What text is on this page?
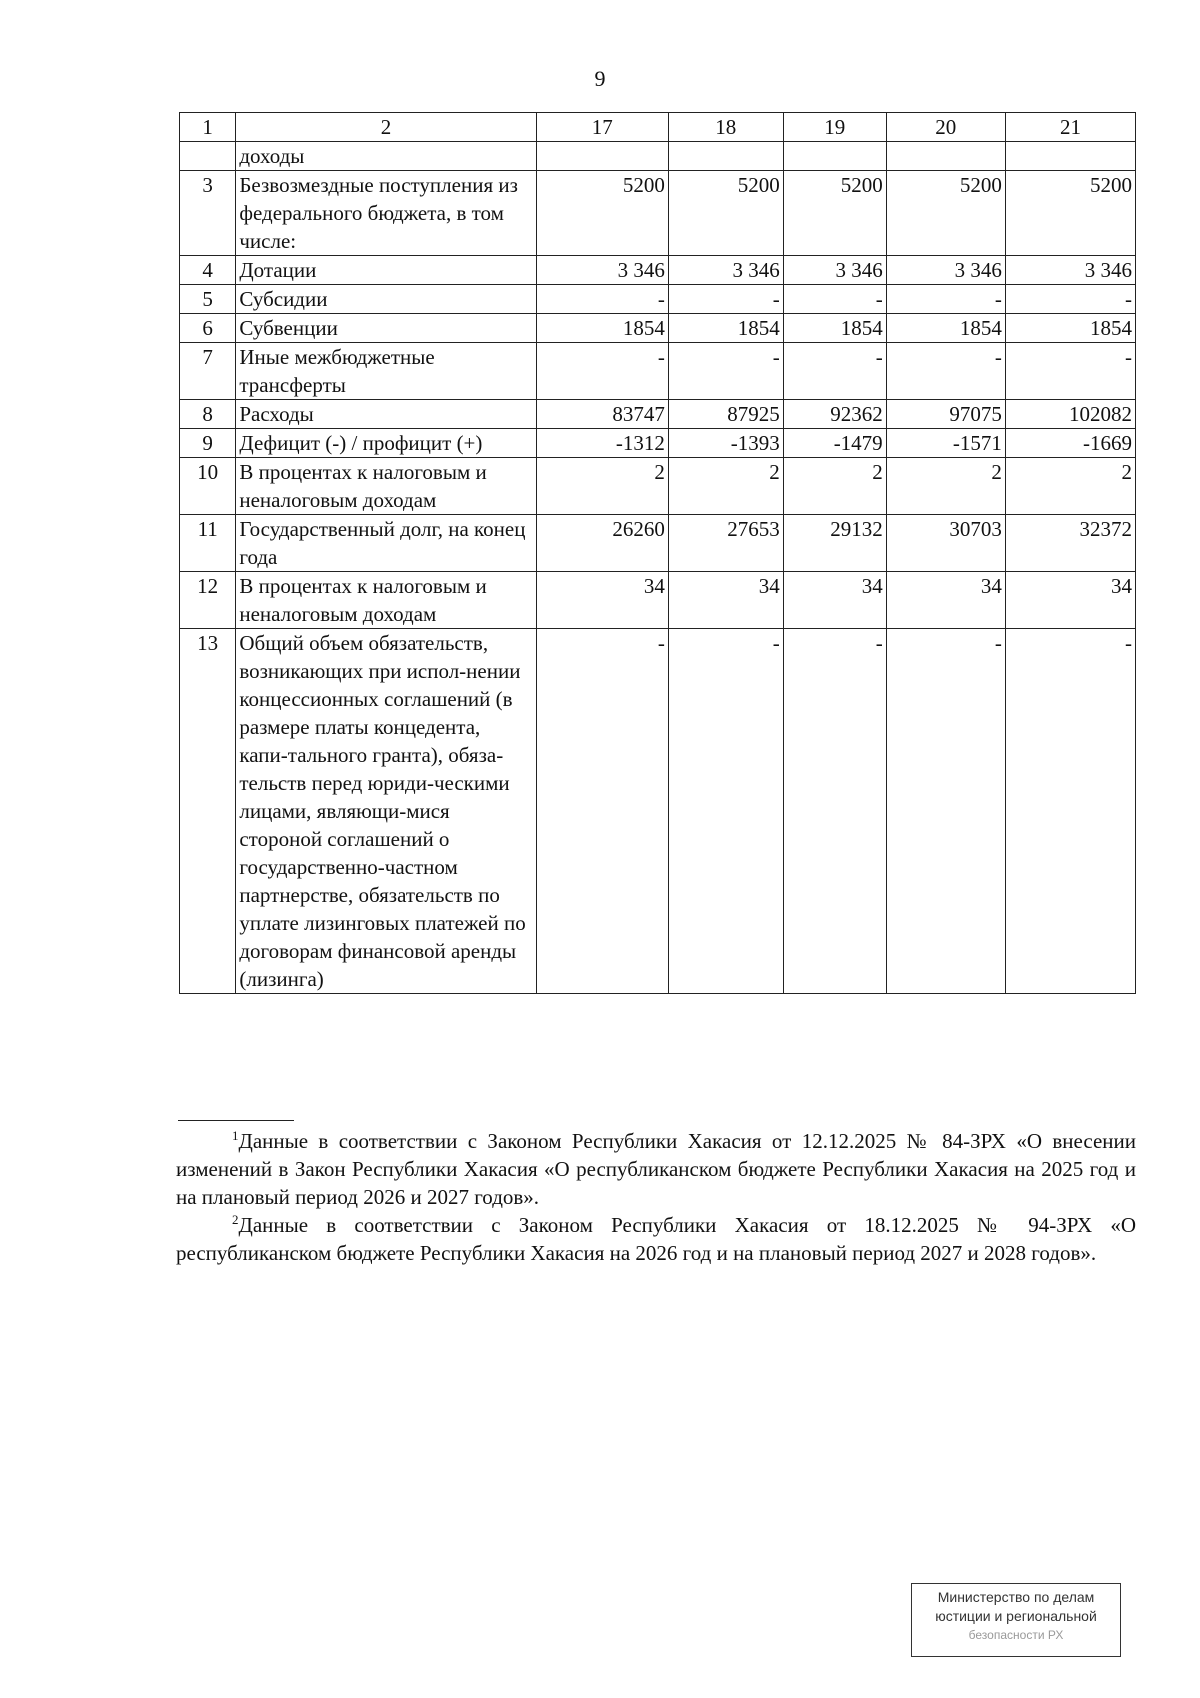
9
1	2	17	18	19	20	21
	доходы					
3	Безвозмездные поступления из федерального бюджета, в том числе:	5200	5200	5200	5200	5200
4	Дотации	3 346	3 346	3 346	3 346	3 346
5	Субсидии	-	-	-	-	-
6	Субвенции	1854	1854	1854	1854	1854
7	Иные межбюджетные трансферты	-	-	-	-	-
8	Расходы	83747	87925	92362	97075	102082
9	Дефицит (-) / профицит (+)	-1312	-1393	-1479	-1571	-1669
10	В процентах к налоговым и неналоговым доходам	2	2	2	2	2
11	Государственный долг, на конец года	26260	27653	29132	30703	32372
12	В процентах к налоговым и неналоговым доходам	34	34	34	34	34
13	Общий объем обязательств, возникающих при испол-нении концессионных соглашений (в размере платы концедента, капи-тального гранта), обяза-тельств перед юриди-ческими лицами, являющи-мися стороной соглашений о государственно-частном партнерстве, обязательств по уплате лизинговых платежей по договорам финансовой аренды (лизинга)	-	-	-	-	-

$^1$Данные в соответствии с Законом Республики Хакасия от 12.12.2025 № 84-ЗРХ «О внесении изменений в Закон Республики Хакасия «О республиканском бюджете Республики Хакасия на 2025 год и на плановый период 2026 и 2027 годов».

$^2$Данные в соответствии с Законом Республики Хакасия от 18.12.2025 № 94-ЗРХ «О республиканском бюджете Республики Хакасия на 2026 год и на плановый период 2027 и 2028 годов».

Министерство по делам
юстиции и региональной
безопасности РХ
